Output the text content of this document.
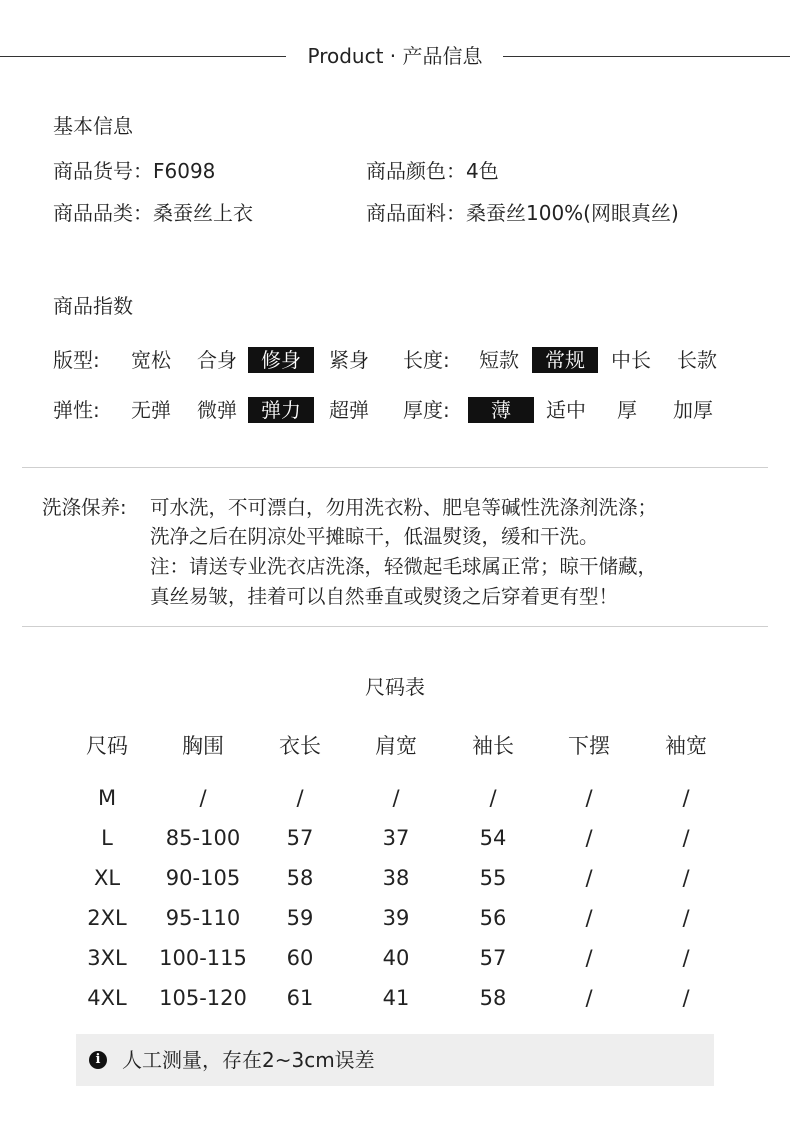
Product · 产品信息
基本信息
商品货号：F6098	商品颜色：4色
商品品类：桑蚕丝上衣	商品面料：桑蚕丝100%(网眼真丝)
商品指数
版型: 宽松 合身	修身	紧身 长度: 短款	常规	中长 长款
弹性: 无弹 微弹	弹力	超弹 厚度:	薄	适中	厚	加厚
洗涤保养: 可水洗，不可漂白，勿用洗衣粉、肥皂等碱性洗涤剂洗涤；
洗净之后在阴凉处平摊晾干，低温熨烫，缓和干洗。
注：请送专业洗衣店洗涤，轻微起毛球属正常；晾干储藏，
真丝易皱，挂着可以自然垂直或熨烫之后穿着更有型！
尺码表
尺码	胸围	衣长	肩宽	袖长	下摆	袖宽
M	/	/	/	/	/	/
L	85-100	57	37	54	/	/
XL	90-105	58	38	55	/	/
2XL	95-110	59	39	56	/	/
3XL	100-115	60	40	57	/	/
4XL	105-120	61	41	58	/	/
i	人工测量，存在2~3cm误差
